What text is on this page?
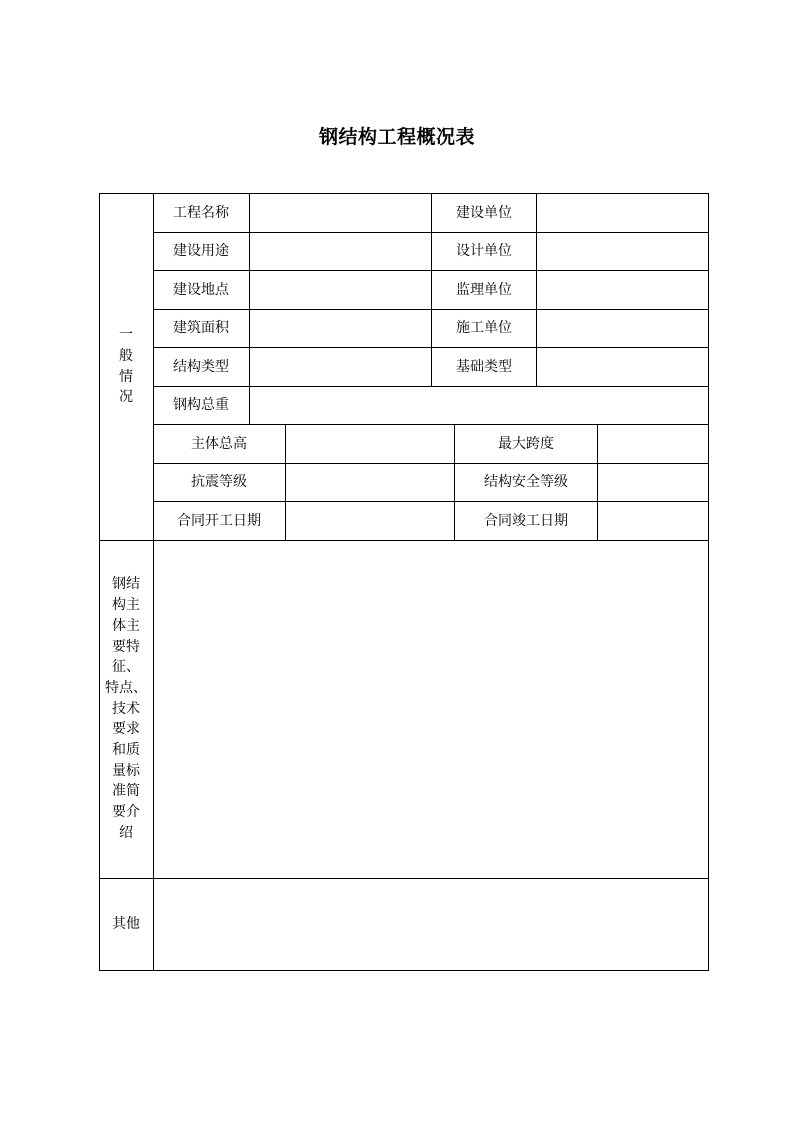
钢结构工程概况表
一
般
情
况
工程名称	建设单位
建设用途	设计单位
建设地点	监理单位
建筑面积	施工单位
结构类型	基础类型
钢构总重
主体总高	最大跨度
抗震等级	结构安全等级
合同开工日期	合同竣工日期
钢结
构主
体主
要特
征、
特点、
技术
要求
和质
量标
准简
要介
绍
其他
